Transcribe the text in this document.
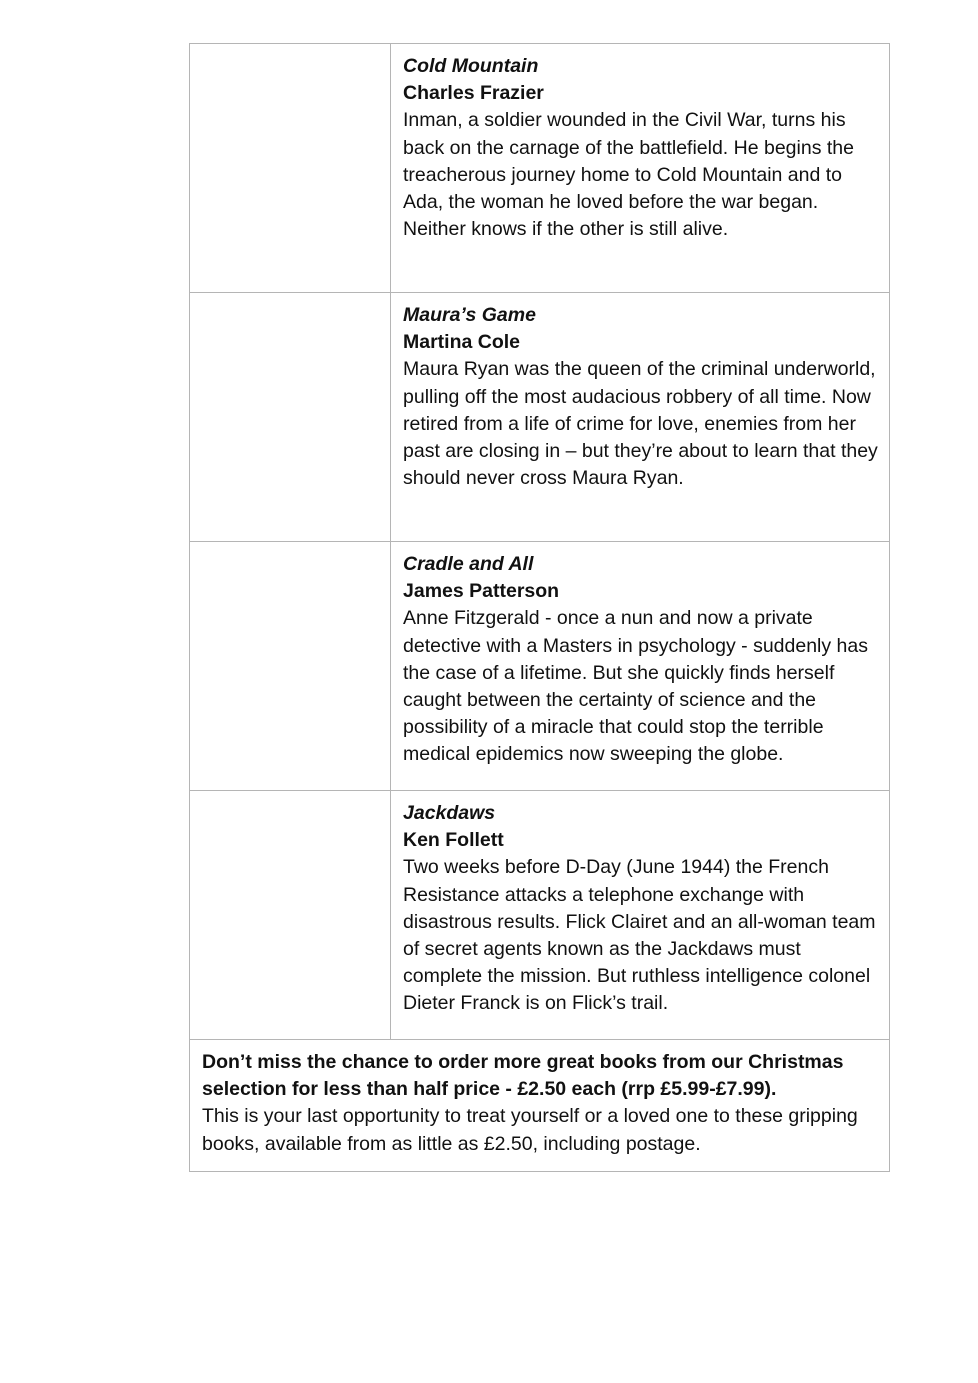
Cold Mountain
Charles Frazier
Inman, a soldier wounded in the Civil War, turns his back on the carnage of the battlefield. He begins the treacherous journey home to Cold Mountain and to Ada, the woman he loved before the war began. Neither knows if the other is still alive.
Maura’s Game
Martina Cole
Maura Ryan was the queen of the criminal underworld, pulling off the most audacious robbery of all time. Now retired from a life of crime for love, enemies from her past are closing in – but they’re about to learn that they should never cross Maura Ryan.
Cradle and All
James Patterson
Anne Fitzgerald - once a nun and now a private detective with a Masters in psychology - suddenly has the case of a lifetime. But she quickly finds herself caught between the certainty of science and the possibility of a miracle that could stop the terrible medical epidemics now sweeping the globe.
Jackdaws
Ken Follett
Two weeks before D-Day (June 1944) the French Resistance attacks a telephone exchange with disastrous results. Flick Clairet and an all-woman team of secret agents known as the Jackdaws must complete the mission. But ruthless intelligence colonel Dieter Franck is on Flick’s trail.
Don’t miss the chance to order more great books from our Christmas selection for less than half price - £2.50 each (rrp £5.99-£7.99).
This is your last opportunity to treat yourself or a loved one to these gripping books, available from as little as £2.50, including postage.
